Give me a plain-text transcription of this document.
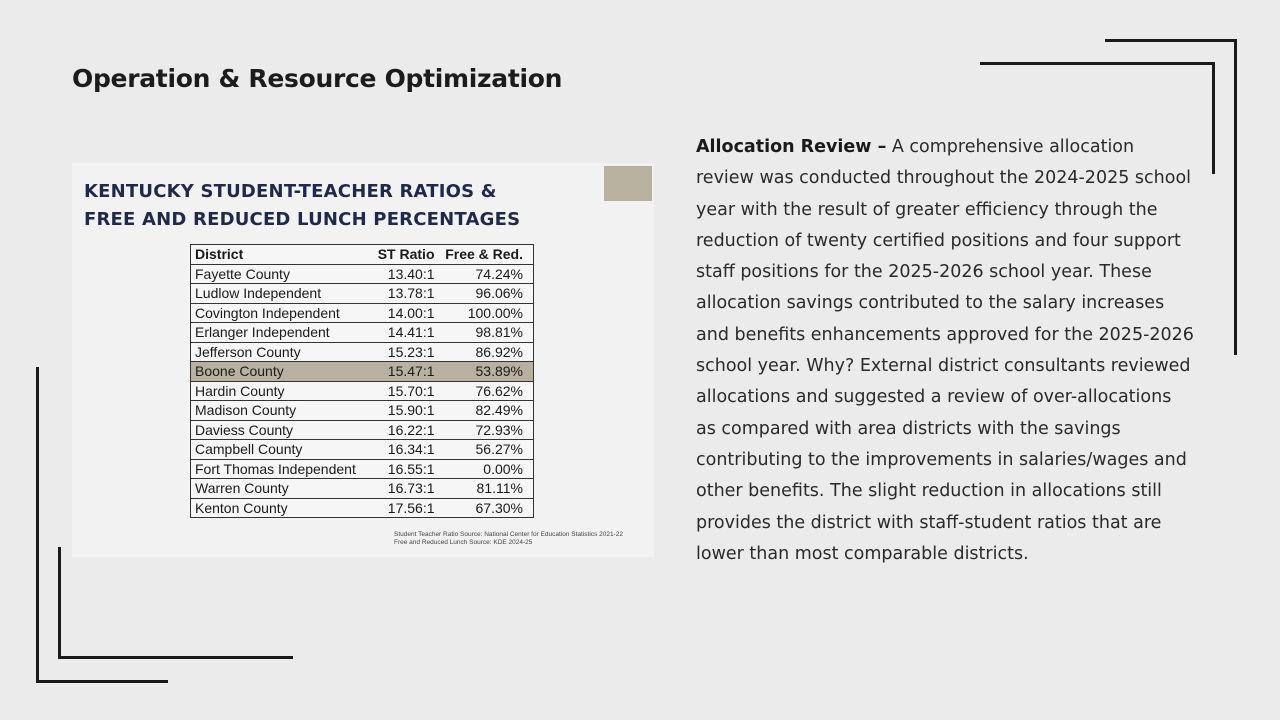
Operation & Resource Optimization
KENTUCKY STUDENT-TEACHER RATIOS &
FREE AND REDUCED LUNCH PERCENTAGES
District	ST Ratio	Free & Red.
Fayette County	13.40:1	74.24%
Ludlow Independent	13.78:1	96.06%
Covington Independent	14.00:1	100.00%
Erlanger Independent	14.41:1	98.81%
Jefferson County	15.23:1	86.92%
Boone County	15.47:1	53.89%
Hardin County	15.70:1	76.62%
Madison County	15.90:1	82.49%
Daviess County	16.22:1	72.93%
Campbell County	16.34:1	56.27%
Fort Thomas Independent	16.55:1	0.00%
Warren County	16.73:1	81.11%
Kenton County	17.56:1	67.30%
Student Teacher Ratio Source: National Center for Education Statistics 2021-22
Free and Reduced Lunch Source: KDE 2024-25

Allocation Review – A comprehensive allocation review was conducted throughout the 2024-2025 school year with the result of greater efficiency through the reduction of twenty certified positions and four support staff positions for the 2025-2026 school year. These allocation savings contributed to the salary increases and benefits enhancements approved for the 2025-2026 school year. Why? External district consultants reviewed allocations and suggested a review of over-allocations as compared with area districts with the savings contributing to the improvements in salaries/wages and other benefits. The slight reduction in allocations still provides the district with staff-student ratios that are lower than most comparable districts.
